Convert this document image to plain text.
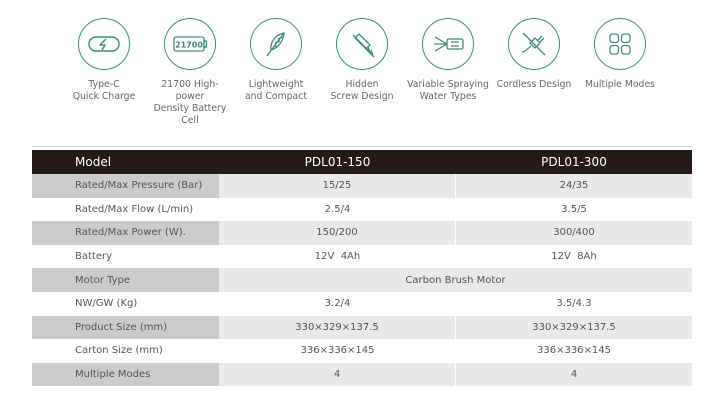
Type-C
Quick Charge
21700
21700 High-power
Density Battery Cell
Lightweight
and Compact
Hidden
Screw Design
Variable Spraying
Water Types
Cordless Design	Multiple Modes
Model	PDL01-150	PDL01-300
Rated/Max Pressure (Bar)	15/25	24/35
Rated/Max Flow (L/min)	2.5/4	3.5/5
Rated/Max Power (W).	150/200	300/400
Battery	12V  4Ah	12V  8Ah
Motor Type	Carbon Brush Motor	
NW/GW (Kg)	3.2/4	3.5/4.3
Product Size (mm)	330×329×137.5	330×329×137.5
Carton Size (mm)	336×336×145	336×336×145
Multiple Modes	4	4
